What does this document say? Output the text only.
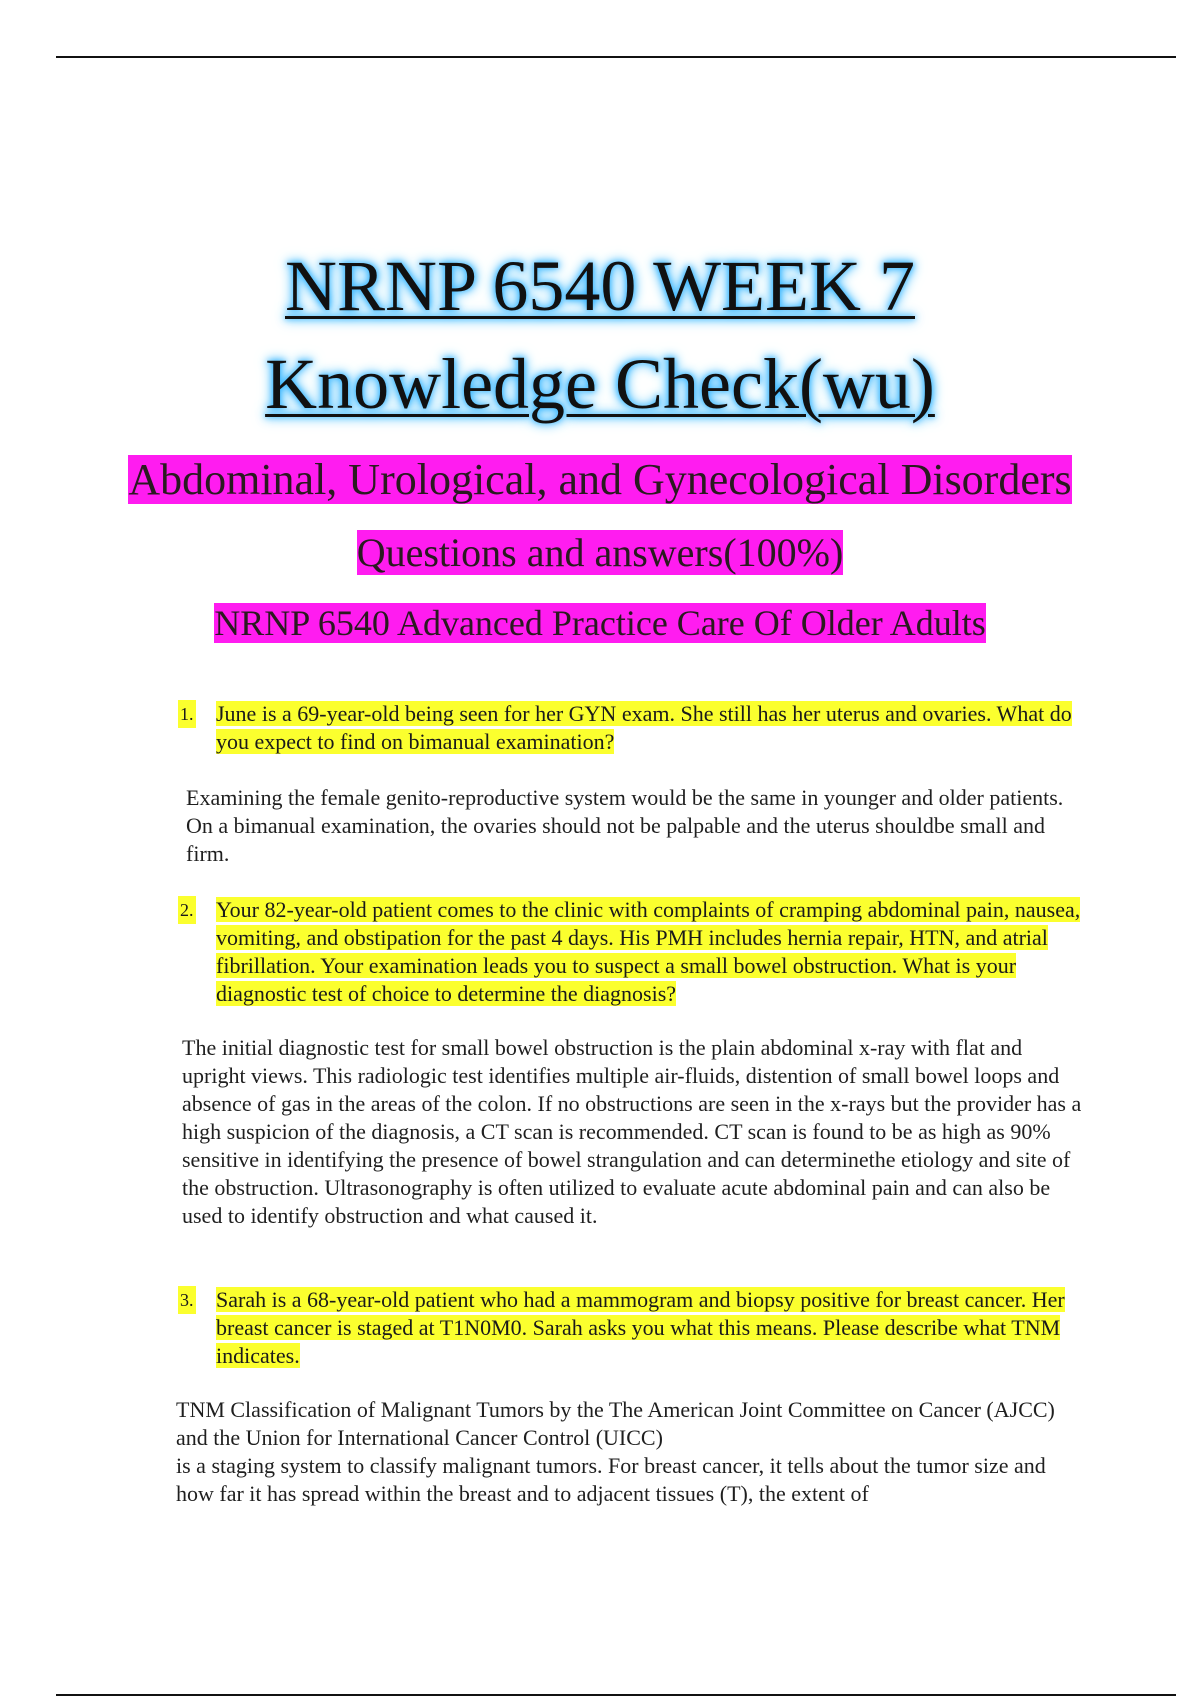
NRNP 6540 WEEK 7
Knowledge Check(wu)
Abdominal, Urological, and Gynecological Disorders
Questions and answers(100%)
NRNP 6540 Advanced Practice Care Of Older Adults
1. June is a 69-year-old being seen for her GYN exam. She still has her uterus and ovaries. What do you expect to find on bimanual examination?

Examining the female genito-reproductive system would be the same in younger and older patients. On a bimanual examination, the ovaries should not be palpable and the uterus shouldbe small and firm.

2. Your 82-year-old patient comes to the clinic with complaints of cramping abdominal pain, nausea, vomiting, and obstipation for the past 4 days. His PMH includes hernia repair, HTN, and atrial fibrillation. Your examination leads you to suspect a small bowel obstruction. What is your diagnostic test of choice to determine the diagnosis?

The initial diagnostic test for small bowel obstruction is the plain abdominal x-ray with flat and upright views. This radiologic test identifies multiple air-fluids, distention of small bowel loops and absence of gas in the areas of the colon. If no obstructions are seen in the x-rays but the provider has a high suspicion of the diagnosis, a CT scan is recommended. CT scan is found to be as high as 90% sensitive in identifying the presence of bowel strangulation and can determinethe etiology and site of the obstruction. Ultrasonography is often utilized to evaluate acute abdominal pain and can also be used to identify obstruction and what caused it.

3. Sarah is a 68-year-old patient who had a mammogram and biopsy positive for breast cancer. Her breast cancer is staged at T1N0M0. Sarah asks you what this means. Please describe what TNM indicates.

TNM Classification of Malignant Tumors by the The American Joint Committee on Cancer (AJCC) and the Union for International Cancer Control (UICC)

is a staging system to classify malignant tumors. For breast cancer, it tells about the tumor size and how far it has spread within the breast and to adjacent tissues (T), the extent of
